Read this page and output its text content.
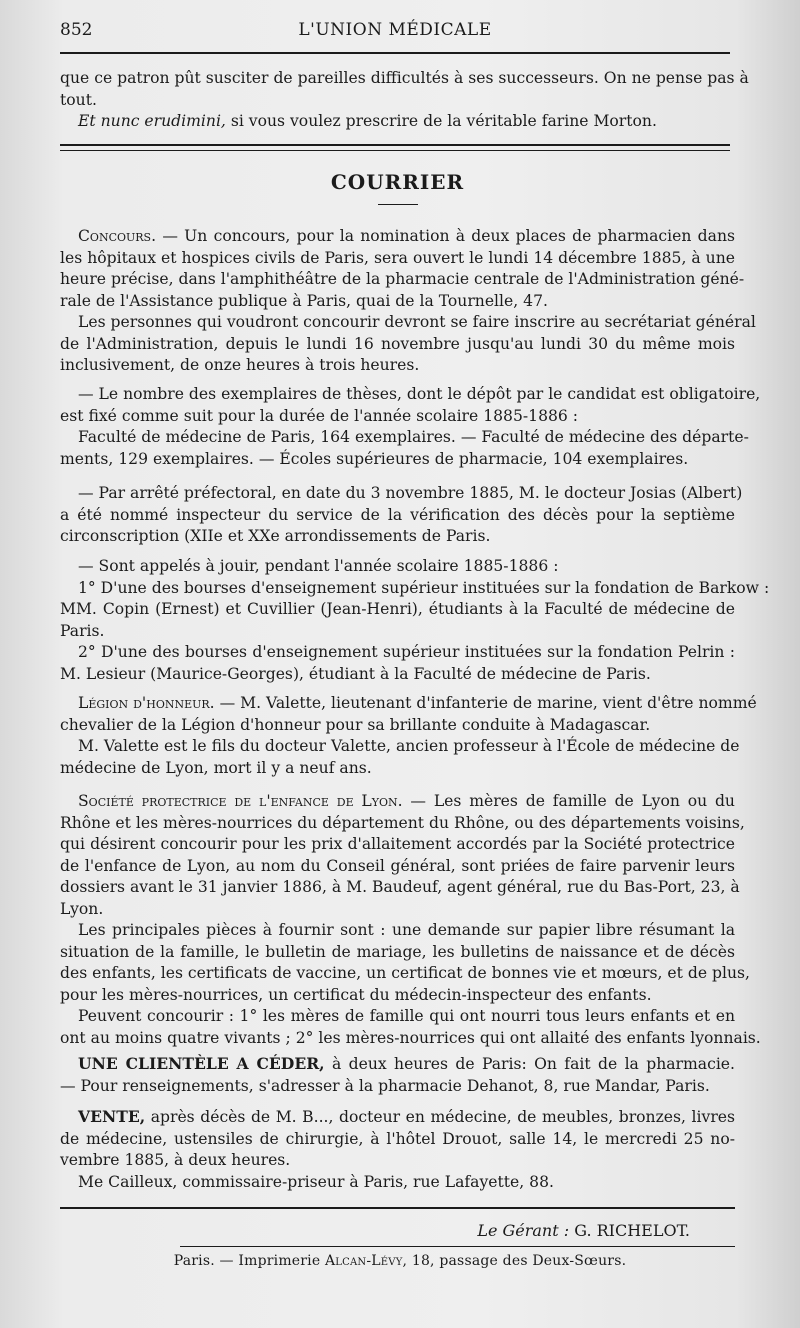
852	L'UNION MÉDICALE
que ce patron pût susciter de pareilles difficultés à ses successeurs. On ne pense pas à
tout.
Et nunc erudimini, si vous voulez prescrire de la véritable farine Morton.
COURRIER
Concours. — Un concours, pour la nomination à deux places de pharmacien dans
les hôpitaux et hospices civils de Paris, sera ouvert le lundi 14 décembre 1885, à une
heure précise, dans l'amphithéâtre de la pharmacie centrale de l'Administration géné-
rale de l'Assistance publique à Paris, quai de la Tournelle, 47.
Les personnes qui voudront concourir devront se faire inscrire au secrétariat général
de l'Administration, depuis le lundi 16 novembre jusqu'au lundi 30 du même mois
inclusivement, de onze heures à trois heures.
— Le nombre des exemplaires de thèses, dont le dépôt par le candidat est obligatoire,
est fixé comme suit pour la durée de l'année scolaire 1885-1886 :
Faculté de médecine de Paris, 164 exemplaires. — Faculté de médecine des départe-
ments, 129 exemplaires. — Écoles supérieures de pharmacie, 104 exemplaires.
— Par arrêté préfectoral, en date du 3 novembre 1885, M. le docteur Josias (Albert)
a été nommé inspecteur du service de la vérification des décès pour la septième
circonscription (XIIe et XXe arrondissements de Paris.
— Sont appelés à jouir, pendant l'année scolaire 1885-1886 :
1° D'une des bourses d'enseignement supérieur instituées sur la fondation de Barkow :
MM. Copin (Ernest) et Cuvillier (Jean-Henri), étudiants à la Faculté de médecine de
Paris.
2° D'une des bourses d'enseignement supérieur instituées sur la fondation Pelrin :
M. Lesieur (Maurice-Georges), étudiant à la Faculté de médecine de Paris.
Légion d'honneur. — M. Valette, lieutenant d'infanterie de marine, vient d'être nommé
chevalier de la Légion d'honneur pour sa brillante conduite à Madagascar.
M. Valette est le fils du docteur Valette, ancien professeur à l'École de médecine de
médecine de Lyon, mort il y a neuf ans.
Société protectrice de l'enfance de Lyon. — Les mères de famille de Lyon ou du
Rhône et les mères-nourrices du département du Rhône, ou des départements voisins,
qui désirent concourir pour les prix d'allaitement accordés par la Société protectrice
de l'enfance de Lyon, au nom du Conseil général, sont priées de faire parvenir leurs
dossiers avant le 31 janvier 1886, à M. Baudeuf, agent général, rue du Bas-Port, 23, à
Lyon.
Les principales pièces à fournir sont : une demande sur papier libre résumant la
situation de la famille, le bulletin de mariage, les bulletins de naissance et de décès
des enfants, les certificats de vaccine, un certificat de bonnes vie et mœurs, et de plus,
pour les mères-nourrices, un certificat du médecin-inspecteur des enfants.
Peuvent concourir : 1° les mères de famille qui ont nourri tous leurs enfants et en
ont au moins quatre vivants ; 2° les mères-nourrices qui ont allaité des enfants lyonnais.
UNE CLIENTÈLE A CÉDER, à deux heures de Paris: On fait de la pharmacie.
— Pour renseignements, s'adresser à la pharmacie Dehanot, 8, rue Mandar, Paris.
VENTE, après décès de M. B..., docteur en médecine, de meubles, bronzes, livres
de médecine, ustensiles de chirurgie, à l'hôtel Drouot, salle 14, le mercredi 25 no-
vembre 1885, à deux heures.
Me Cailleux, commissaire-priseur à Paris, rue Lafayette, 88.
Le Gérant : G. RICHELOT.
Paris. — Imprimerie Alcan-Lévy, 18, passage des Deux-Sœurs.
